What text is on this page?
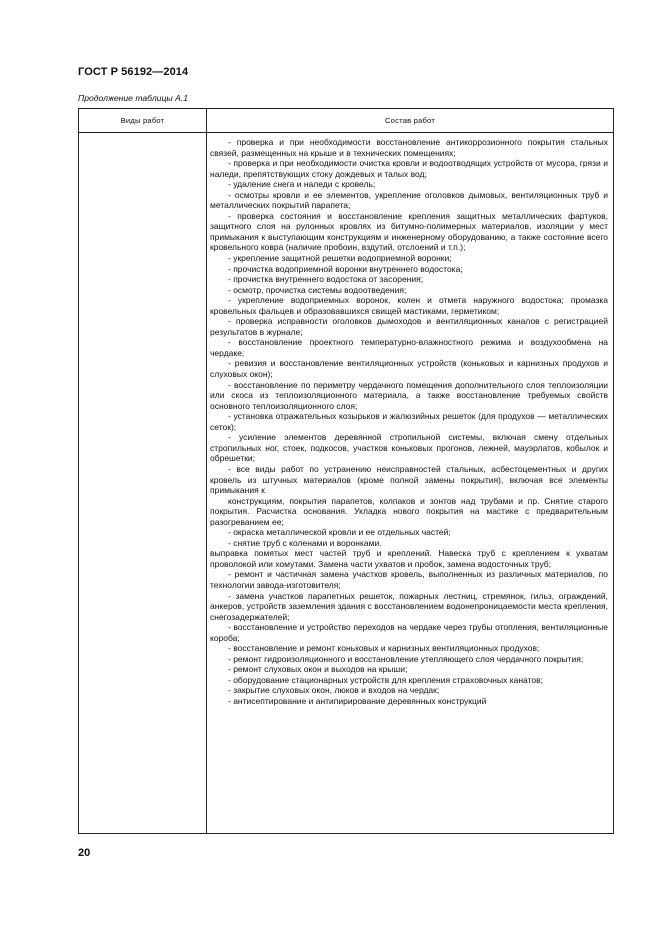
ГОСТ Р 56192—2014
Продолжение таблицы А.1
Виды работ	Состав работ

- проверка и при необходимости восстановление антикоррозионного покрытия стальных связей, размещенных на крыше и в технических помещениях;

- проверка и при необходимости очистка кровли и водоотводящих устройств от мусора, грязи и наледи, препятствующих стоку дождевых и талых вод;

- удаление снега и наледи с кровель;

- осмотры кровли и ее элементов, укрепление оголовков дымовых, вентиляционных труб и металлических покрытий парапета;

- проверка состояния и восстановление крепления защитных металлических фартуков, защитного слоя на рулонных кровлях из битумно-полимерных материалов, изоляции у мест примыкания к выступающим конструкциям и инженерному оборудованию, а также состояние всего кровельного ковра (наличие пробоин, вздутий, отслоений и т.п.);

- укрепление защитной решетки водоприемной воронки;

- прочистка водоприемной воронки внутреннего водостока;

- прочистка внутреннего водостока от засорения;

- осмотр, прочистка системы водоотведения;

- укрепление водоприемных воронок, колен и отмета наружного водостока; промазка кровельных фальцев и образовавшихся свищей мастиками, герметиком;

- проверка исправности оголовков дымоходов и вентиляционных каналов с регистрацией результатов в журнале;

- восстановление проектного температурно-влажностного режима и воздухообмена на чердаке;

- ревизия и восстановление вентиляционных устройств (коньковых и карнизных продухов и слуховых окон);

- восстановление по периметру чердачного помещения дополнительного слоя теплоизоляции или скоса из теплоизоляционного материала, а также восстановление требуемых свойств основного теплоизоляционного слоя;

- установка отражательных козырьков и жалюзийных решеток (для продухов — металлических сеток);

- усиление элементов деревянной стропильной системы, включая смену отдельных стропильных ног, стоек, подкосов, участков коньковых прогонов, лежней, мауэрлатов, кобылок и обрешетки;

- все виды работ по устранению неисправностей стальных, асбестоцементных и других кровель из штучных материалов (кроме полной замены покрытия), включая все элементы примыкания к

конструкциям, покрытия парапетов, колпаков и зонтов над трубами и пр. Снятие старого покрытия. Расчистка основания. Укладка нового покрытия на мастике с предварительным разогреванием ее;

- окраска металлической кровли и ее отдельных частей;

- снятие труб с коленами и воронками.

выправка помятых мест частей труб и креплений. Навеска труб с креплением к ухватам проволокой или хомутами. Замена части ухватов и пробок, замена водосточных труб;

- ремонт и частичная замена участков кровель, выполненных из различных материалов, по технологии завода-изготовителя;

- замена участков парапетных решеток, пожарных лестниц, стремянок, гильз, ограждений, анкеров, устройств заземления здания с восстановлением водонепроницаемости места крепления, снегозадержателей;

- восстановление и устройство переходов на чердаке через трубы отопления, вентиляционные короба;

- восстановление и ремонт коньковых и карнизных вентиляционных продухов;

- ремонт гидроизоляционного и восстановление утепляющего слоя чердачного покрытия;

- ремонт слуховых окон и выходов на крыши;

- оборудование стационарных устройств для крепления страховочных канатов;

- закрытие слуховых окон, люков и входов на чердак;

- антисептирование и антипирирование деревянных конструкций

20
